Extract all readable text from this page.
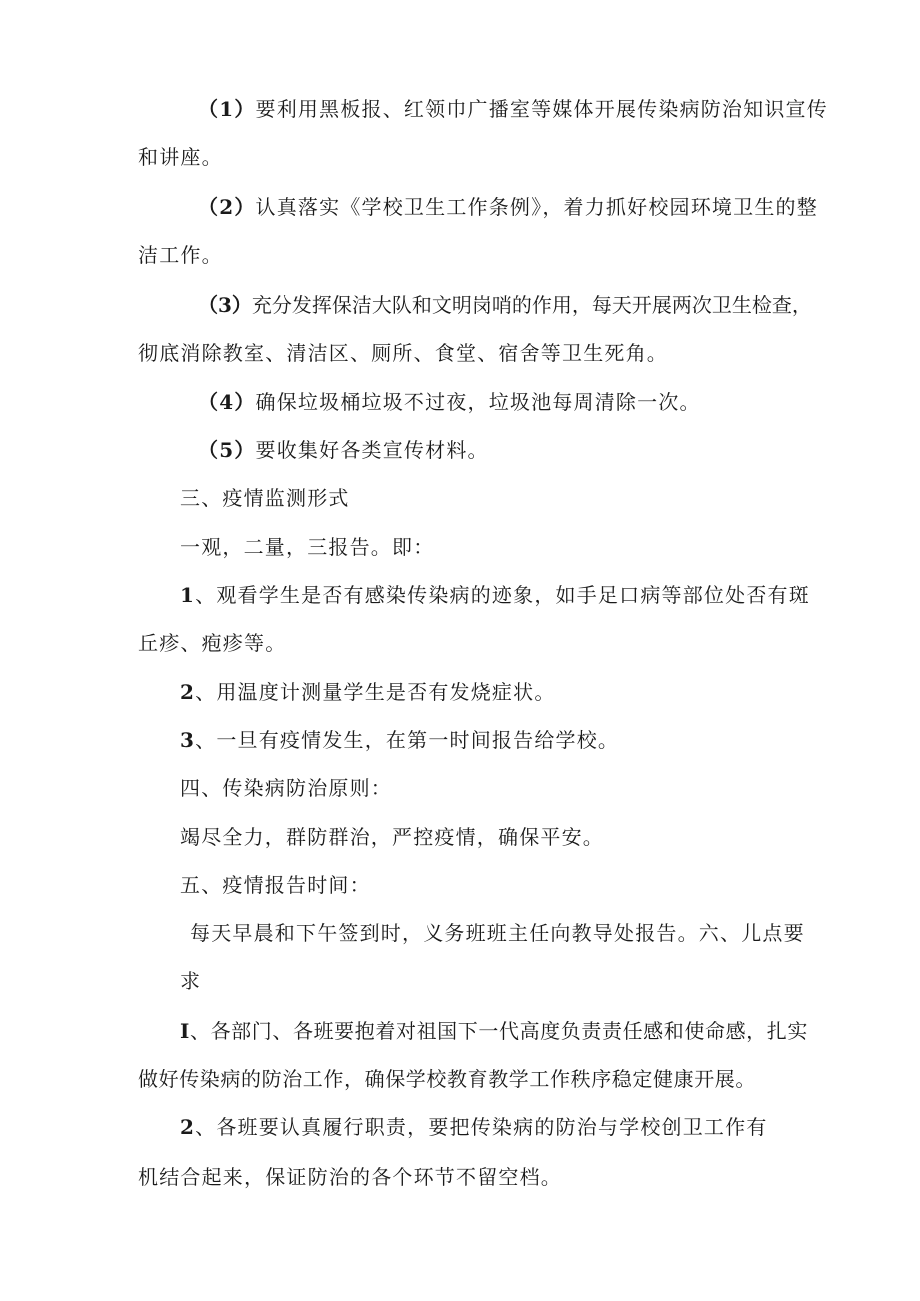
（1）要利用黑板报、红领巾广播室等媒体开展传染病防治知识宣传
和讲座。
（2）认真落实《学校卫生工作条例》，着力抓好校园环境卫生的整
洁工作。
（3）充分发挥保洁大队和文明岗哨的作用，每天开展两次卫生检查，
彻底消除教室、清洁区、厕所、食堂、宿舍等卫生死角。
（4）确保垃圾桶垃圾不过夜，垃圾池每周清除一次。
（5）要收集好各类宣传材料。
三、疫情监测形式
一观，二量，三报告。即：
1、观看学生是否有感染传染病的迹象，如手足口病等部位处否有斑
丘疹、疱疹等。
2、用温度计测量学生是否有发烧症状。
3、一旦有疫情发生，在第一时间报告给学校。
四、传染病防治原则：
竭尽全力，群防群治，严控疫情，确保平安。
五、疫情报告时间：
每天早晨和下午签到时，义务班班主任向教导处报告。六、儿点要
求
I、各部门、各班要抱着对祖国下一代高度负责责任感和使命感，扎实
做好传染病的防治工作，确保学校教育教学工作秩序稳定健康开展。
2、各班要认真履行职责，要把传染病的防治与学校创卫工作有
机结合起来，保证防治的各个环节不留空档。
